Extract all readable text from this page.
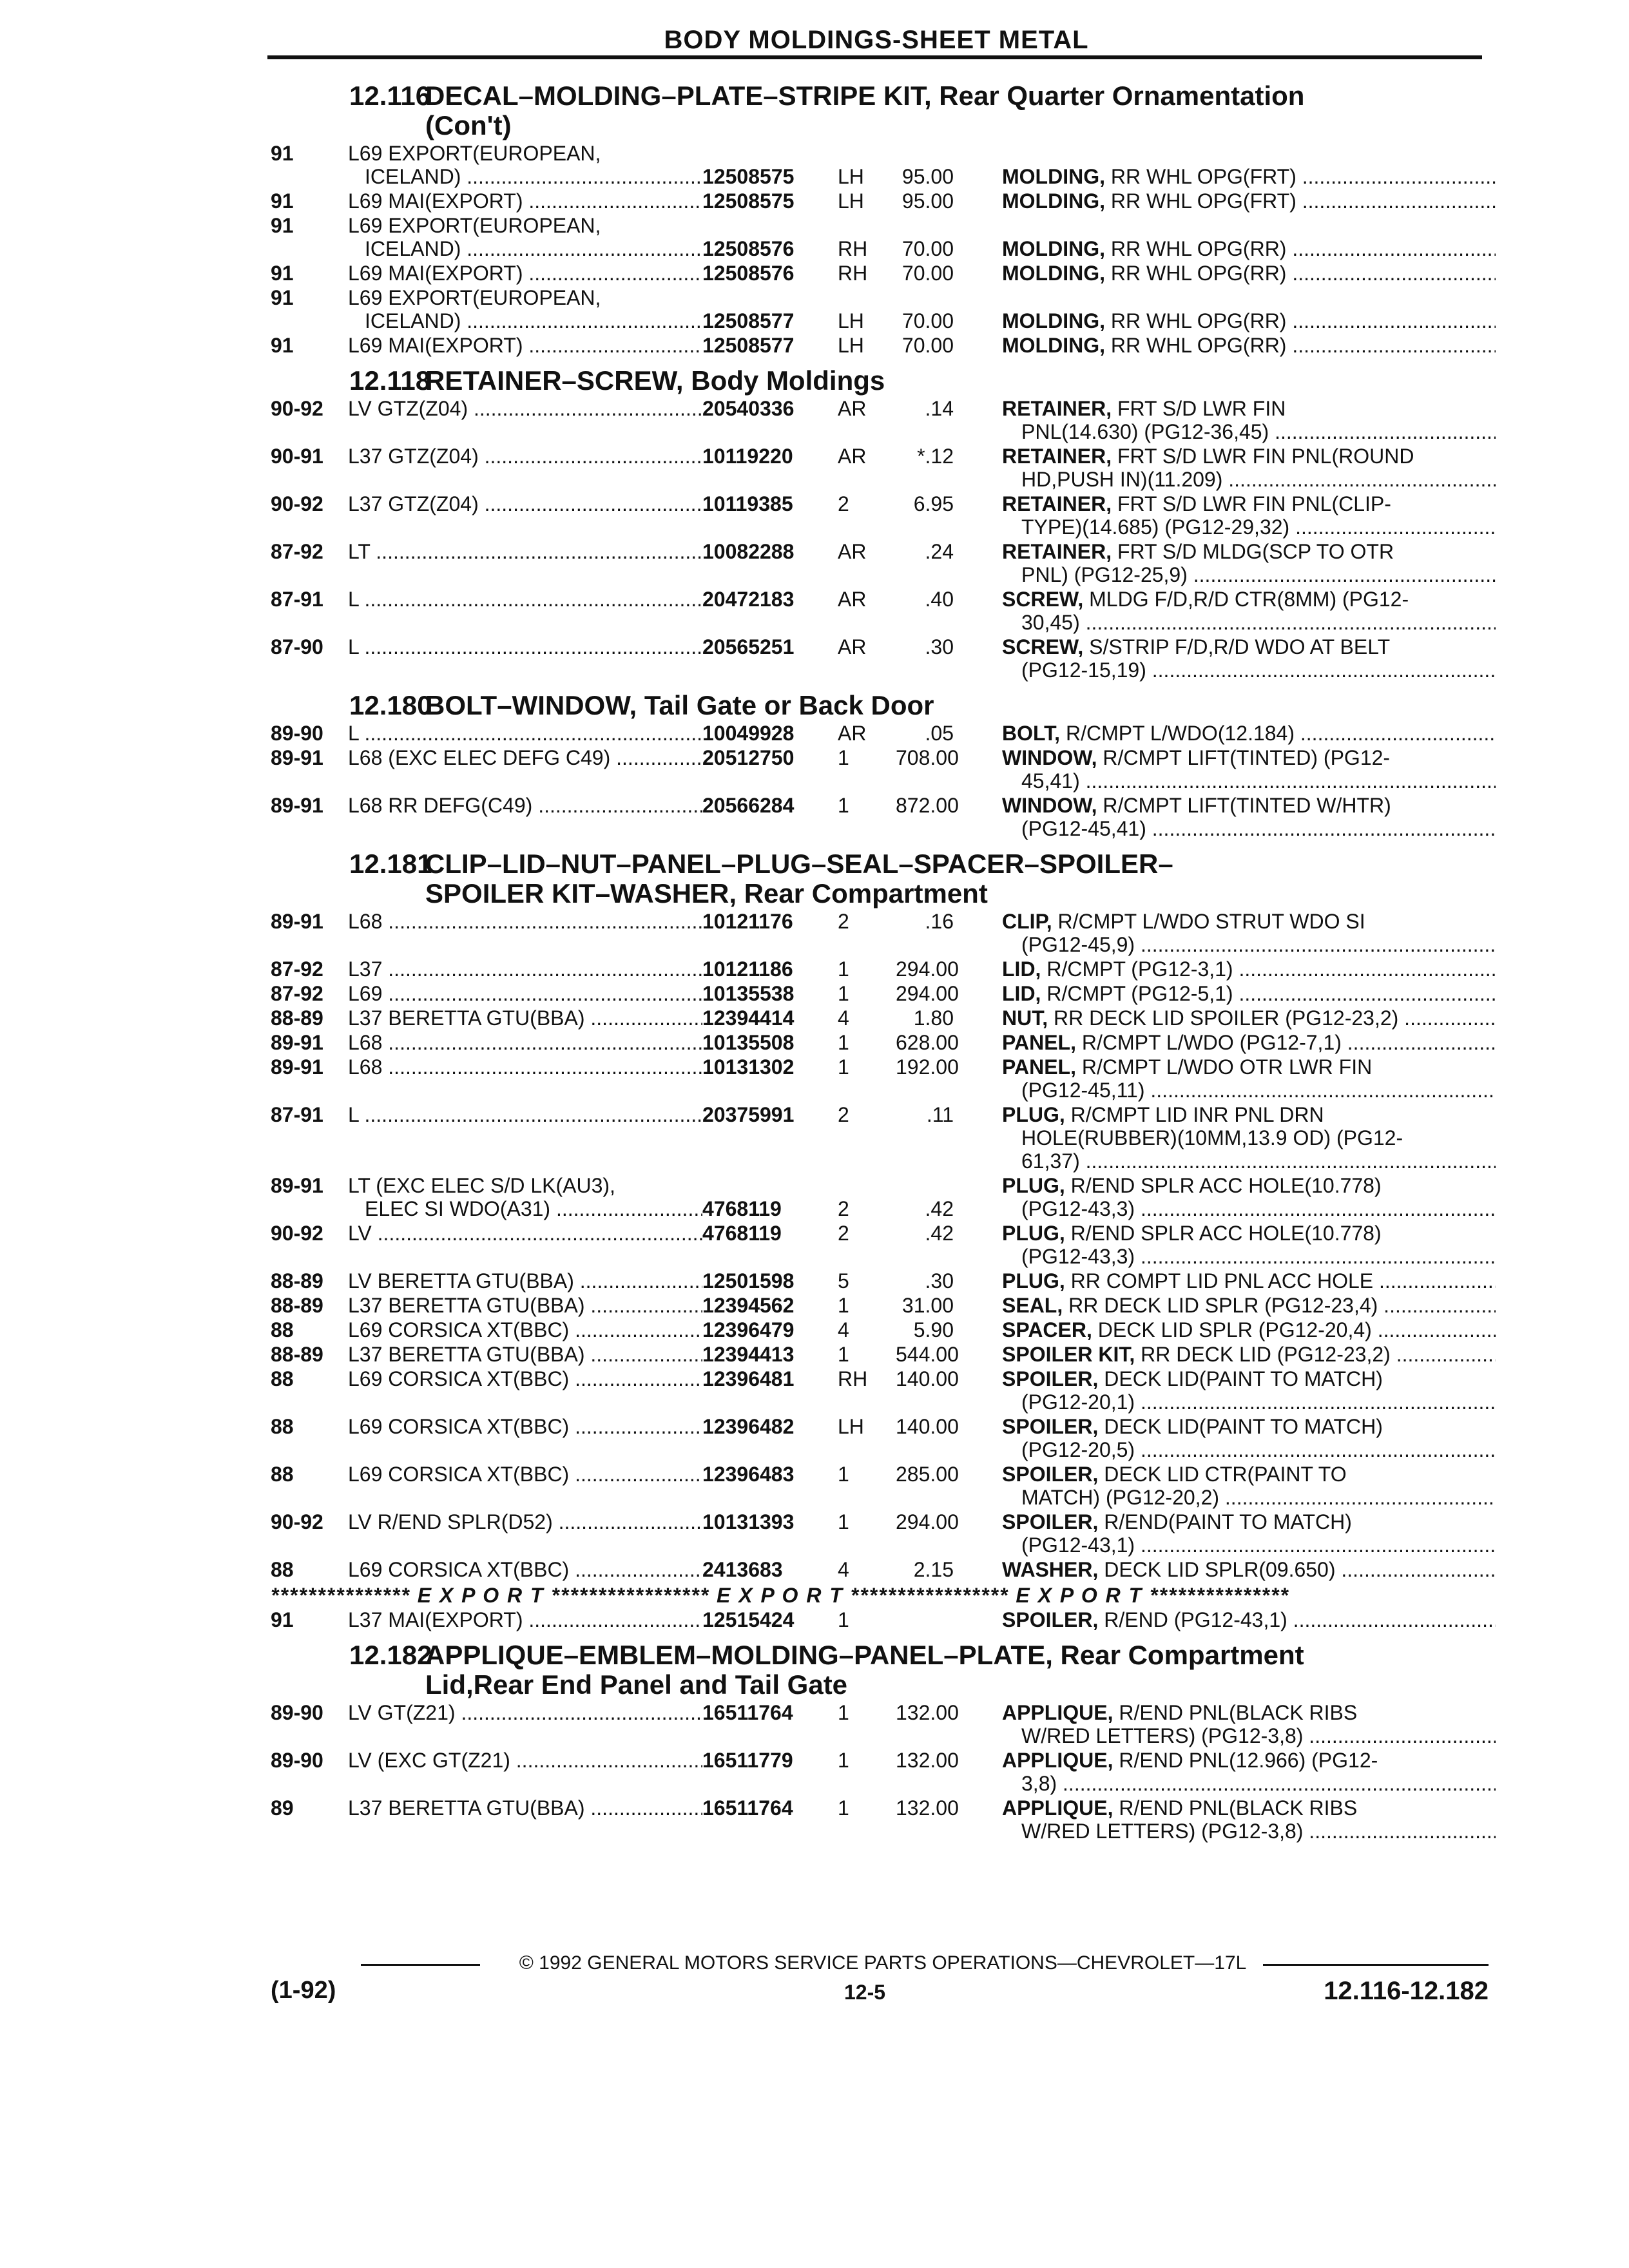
BODY MOLDINGS-SHEET METAL
12.116
DECAL–MOLDING–PLATE–STRIPE KIT, Rear Quarter Ornamentation
(Con't)
91	L69 EXPORT(EUROPEAN,
ICELAND) .....	12508575	LH	95.00	MOLDING, RR WHL OPG(FRT) .....
91	L69 MAI(EXPORT) .....	12508575	LH	95.00	MOLDING, RR WHL OPG(FRT) .....
91	L69 EXPORT(EUROPEAN,
ICELAND) .....	12508576	RH	70.00	MOLDING, RR WHL OPG(RR) .....
91	L69 MAI(EXPORT) .....	12508576	RH	70.00	MOLDING, RR WHL OPG(RR) .....
91	L69 EXPORT(EUROPEAN,
ICELAND) .....	12508577	LH	70.00	MOLDING, RR WHL OPG(RR) .....
91	L69 MAI(EXPORT) .....	12508577	LH	70.00	MOLDING, RR WHL OPG(RR) .....
12.118
RETAINER–SCREW, Body Moldings
90-92	LV GTZ(Z04) .....	20540336	AR	.14	RETAINER, FRT S/D LWR FIN
PNL(14.630) (PG12-36,45) .....
90-91	L37 GTZ(Z04) .....	10119220	AR	*.12	RETAINER, FRT S/D LWR FIN PNL(ROUND
HD,PUSH IN)(11.209) .....
90-92	L37 GTZ(Z04) .....	10119385	2	6.95	RETAINER, FRT S/D LWR FIN PNL(CLIP-
TYPE)(14.685) (PG12-29,32) .....
87-92	LT .....	10082288	AR	.24	RETAINER, FRT S/D MLDG(SCP TO OTR
PNL) (PG12-25,9) .....
87-91	L .....	20472183	AR	.40	SCREW, MLDG F/D,R/D CTR(8MM) (PG12-
30,45) .....
87-90	L .....	20565251	AR	.30	SCREW, S/STRIP F/D,R/D WDO AT BELT
(PG12-15,19) .....
12.180
BOLT–WINDOW, Tail Gate or Back Door
89-90	L .....	10049928	AR	.05	BOLT, R/CMPT L/WDO(12.184) .....
89-91	L68 (EXC ELEC DEFG C49) .....	20512750	1	708.00	WINDOW, R/CMPT LIFT(TINTED) (PG12-
45,41) .....
89-91	L68 RR DEFG(C49) .....	20566284	1	872.00	WINDOW, R/CMPT LIFT(TINTED W/HTR)
(PG12-45,41) .....
12.181
CLIP–LID–NUT–PANEL–PLUG–SEAL–SPACER–SPOILER–
SPOILER KIT–WASHER, Rear Compartment
89-91	L68 .....	10121176	2	.16	CLIP, R/CMPT L/WDO STRUT WDO SI
(PG12-45,9) .....
87-92	L37 .....	10121186	1	294.00	LID, R/CMPT (PG12-3,1) .....
87-92	L69 .....	10135538	1	294.00	LID, R/CMPT (PG12-5,1) .....
88-89	L37 BERETTA GTU(BBA) .....	12394414	4	1.80	NUT, RR DECK LID SPOILER (PG12-23,2) .....
89-91	L68 .....	10135508	1	628.00	PANEL, R/CMPT L/WDO (PG12-7,1) .....
89-91	L68 .....	10131302	1	192.00	PANEL, R/CMPT L/WDO OTR LWR FIN
(PG12-45,11) .....
87-91	L .....	20375991	2	.11	PLUG, R/CMPT LID INR PNL DRN
HOLE(RUBBER)(10MM,13.9 OD) (PG12-
61,37) .....
89-91	LT (EXC ELEC S/D LK(AU3),
ELEC SI WDO(A31) .....	4768119	2	.42
PLUG, R/END SPLR ACC HOLE(10.778)
(PG12-43,3) .....
90-92	LV .....	4768119	2	.42	PLUG, R/END SPLR ACC HOLE(10.778)
(PG12-43,3) .....
88-89	LV BERETTA GTU(BBA) .....	12501598	5	.30	PLUG, RR COMPT LID PNL ACC HOLE .....
88-89	L37 BERETTA GTU(BBA) .....	12394562	1	31.00	SEAL, RR DECK LID SPLR (PG12-23,4) .....
88	L69 CORSICA XT(BBC) .....	12396479	4	5.90	SPACER, DECK LID SPLR (PG12-20,4) .....
88-89	L37 BERETTA GTU(BBA) .....	12394413	1	544.00	SPOILER KIT, RR DECK LID (PG12-23,2) .....
88	L69 CORSICA XT(BBC) .....	12396481	RH	140.00	SPOILER, DECK LID(PAINT TO MATCH)
(PG12-20,1) .....
88	L69 CORSICA XT(BBC) .....	12396482	LH	140.00	SPOILER, DECK LID(PAINT TO MATCH)
(PG12-20,5) .....
88	L69 CORSICA XT(BBC) .....	12396483	1	285.00	SPOILER, DECK LID CTR(PAINT TO
MATCH) (PG12-20,2) .....
90-92	LV R/END SPLR(D52) .....	10131393	1	294.00	SPOILER, R/END(PAINT TO MATCH)
(PG12-43,1) .....
88	L69 CORSICA XT(BBC) .....	2413683	4	2.15	WASHER, DECK LID SPLR(09.650) .....
*************** E X P O R T ***************** E X P O R T ***************** E X P O R T ***************
91	L37 MAI(EXPORT) .....	12515424	1	SPOILER, R/END (PG12-43,1) .....
12.182
APPLIQUE–EMBLEM–MOLDING–PANEL–PLATE, Rear Compartment
Lid,Rear End Panel and Tail Gate
89-90	LV GT(Z21) .....	16511764	1	132.00	APPLIQUE, R/END PNL(BLACK RIBS
W/RED LETTERS) (PG12-3,8) .....
89-90	LV (EXC GT(Z21) .....	16511779	1	132.00	APPLIQUE, R/END PNL(12.966) (PG12-
3,8) .....
89	L37 BERETTA GTU(BBA) .....	16511764	1	132.00	APPLIQUE, R/END PNL(BLACK RIBS
W/RED LETTERS) (PG12-3,8) .....
© 1992 GENERAL MOTORS SERVICE PARTS OPERATIONS—CHEVROLET—17L
(1-92)	12-5	12.116-12.182
